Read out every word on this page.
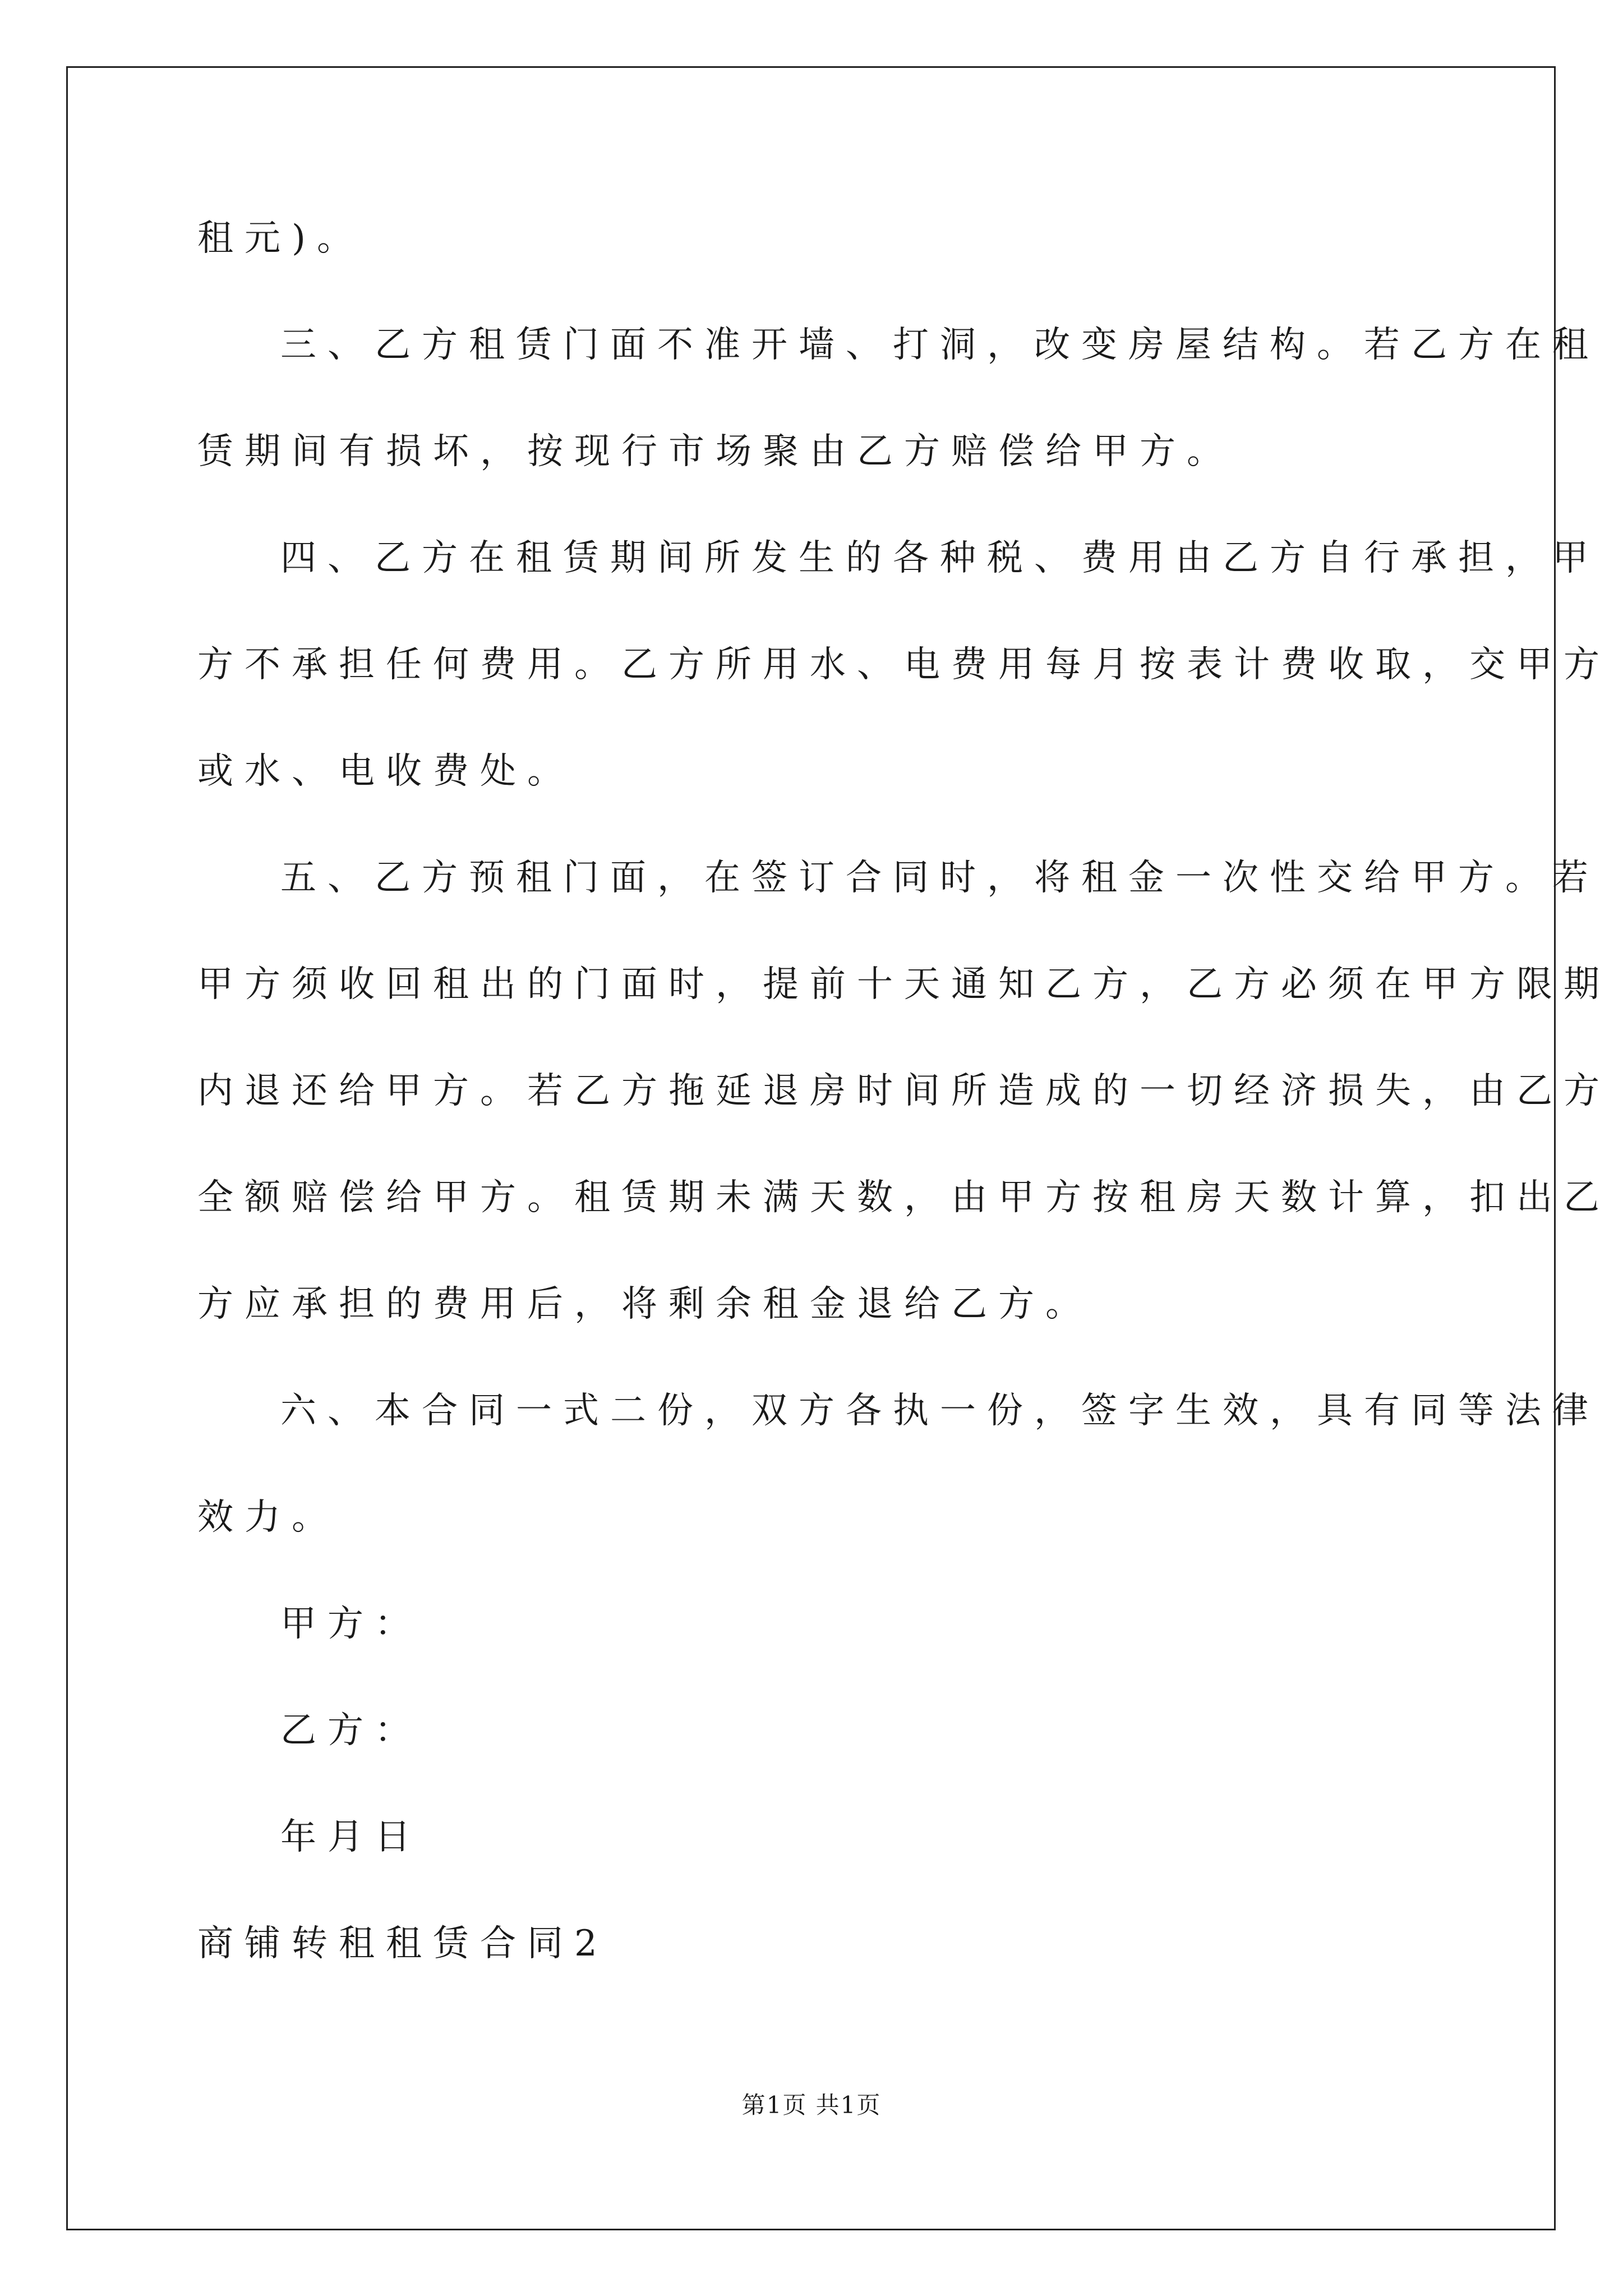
租元)。
三、乙方租赁门面不准开墙、打洞，改变房屋结构。若乙方在租
赁期间有损坏，按现行市场聚由乙方赔偿给甲方。
四、乙方在租赁期间所发生的各种税、费用由乙方自行承担，甲
方不承担任何费用。乙方所用水、电费用每月按表计费收取，交甲方
或水、电收费处。
五、乙方预租门面，在签订合同时，将租金一次性交给甲方。若
甲方须收回租出的门面时，提前十天通知乙方，乙方必须在甲方限期
内退还给甲方。若乙方拖延退房时间所造成的一切经济损失，由乙方
全额赔偿给甲方。租赁期未满天数，由甲方按租房天数计算，扣出乙
方应承担的费用后，将剩余租金退给乙方。
六、本合同一式二份，双方各执一份，签字生效，具有同等法律
效力。
甲方：
乙方：
年月日
商铺转租租赁合同2
第1页 共1页
